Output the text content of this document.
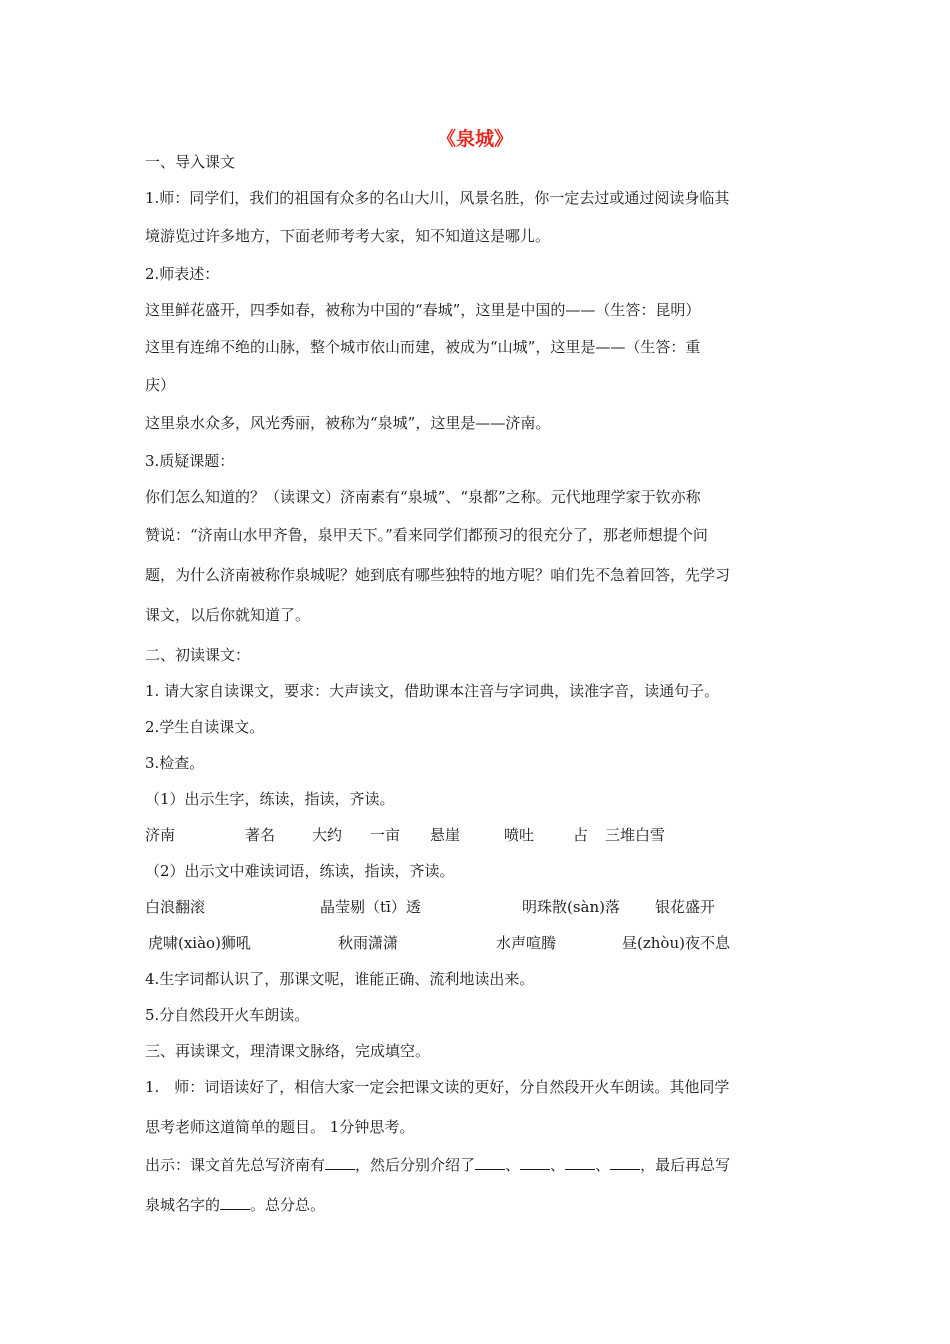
《泉城》
一、导入课文
1.师：同学们，我们的祖国有众多的名山大川，风景名胜，你一定去过或通过阅读身临其
境游览过许多地方，下面老师考考大家，知不知道这是哪儿。
2.师表述：
这里鲜花盛开，四季如春，被称为中国的“春城”，这里是中国的——（生答：昆明）
这里有连绵不绝的山脉，整个城市依山而建，被成为“山城”，这里是——（生答：重
庆）
这里泉水众多，风光秀丽，被称为“泉城”，这里是——济南。
3.质疑课题：
你们怎么知道的？（读课文）济南素有“泉城”、“泉都”之称。元代地理学家于钦亦称
赞说：“济南山水甲齐鲁，泉甲天下。”看来同学们都预习的很充分了，那老师想提个问
题，为什么济南被称作泉城呢？她到底有哪些独特的地方呢？咱们先不急着回答，先学习
课文，以后你就知道了。
二、初读课文：
1. 请大家自读课文，要求：大声读文，借助课本注音与字词典，读准字音，读通句子。
2.学生自读课文。
3.检查。
（1）出示生字，练读，指读，齐读。
济南	著名 大约 一亩 悬崖	喷吐	占 三堆白雪
（2）出示文中难读词语，练读，指读，齐读。
白浪翻滚	晶莹剔（tī）透	明珠散(sàn)落 银花盛开
虎啸(xiào)狮吼	秋雨潇潇	水声喧腾	昼(zhòu)夜不息
4.生字词都认识了，那课文呢，谁能正确、流利地读出来。
5.分自然段开火车朗读。
三、再读课文，理清课文脉络，完成填空。
1.　师：词语读好了，相信大家一定会把课文读的更好，分自然段开火车朗读。其他同学
思考老师这道简单的题目。 1分钟思考。
出示：课文首先总写济南有 ，然后分别介绍了 、 、 、 ，最后再总写
泉城名字的 。总分总。
